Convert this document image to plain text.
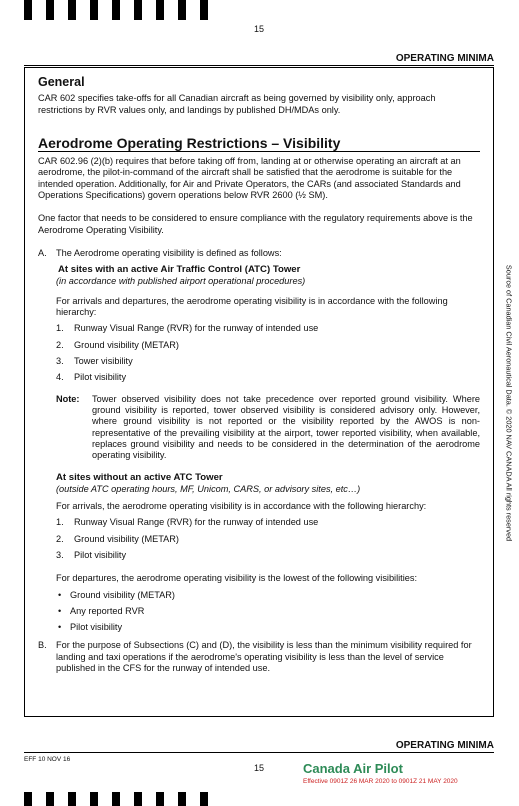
15
OPERATING MINIMA
General

CAR 602 specifies take-offs for all Canadian aircraft as being governed by visibility only, approach restrictions by RVR values only, and landings by published DH/MDAs only.

Aerodrome Operating Restrictions – Visibility

CAR 602.96 (2)(b) requires that before taking off from, landing at or otherwise operating an aircraft at an aerodrome, the pilot-in-command of the aircraft shall be satisfied that the aerodrome is suitable for the intended operation. Additionally, for Air and Private Operators, the CARs (and associated Standards and Operations Specifications) govern operations below RVR 2600 (½ SM).

One factor that needs to be considered to ensure compliance with the regulatory requirements above is the Aerodrome Operating Visibility.

A. The Aerodrome operating visibility is defined as follows:

At sites with an active Air Traffic Control (ATC) Tower

(in accordance with published airport operational procedures)

For arrivals and departures, the aerodrome operating visibility is in accordance with the following hierarchy:

1. Runway Visual Range (RVR) for the runway of intended use
2. Ground visibility (METAR)
3. Tower visibility
4. Pilot visibility
Note: Tower observed visibility does not take precedence over reported ground visibility. Where ground visibility is reported, tower observed visibility is considered advisory only. However, where ground visibility is not reported or the visibility reported by the AWOS is non-representative of the prevailing visibility at the airport, tower reported visibility, when available, replaces ground visibility and needs to be considered in the determination of the aerodrome operating visibility.
At sites without an active ATC Tower

(outside ATC operating hours, MF, Unicom, CARS, or advisory sites, etc…)

For arrivals, the aerodrome operating visibility is in accordance with the following hierarchy:

1. Runway Visual Range (RVR) for the runway of intended use
2. Ground visibility (METAR)
3. Pilot visibility

For departures, the aerodrome operating visibility is the lowest of the following visibilities:

• Ground visibility (METAR)
• Any reported RVR
• Pilot visibility
B. For the purpose of Subsections (C) and (D), the visibility is less than the minimum visibility required for landing and taxi operations if the aerodrome's operating visibility is less than the level of service published in the CFS for the runway of intended use.

Source of Canadian Civil Aeronautical Data. © 2020 NAV CANADA All rights reserved
OPERATING MINIMA
EFF 10 NOV 16
15	Canada Air Pilot
Effective 0901Z 26 MAR 2020 to 0901Z 21 MAY 2020
